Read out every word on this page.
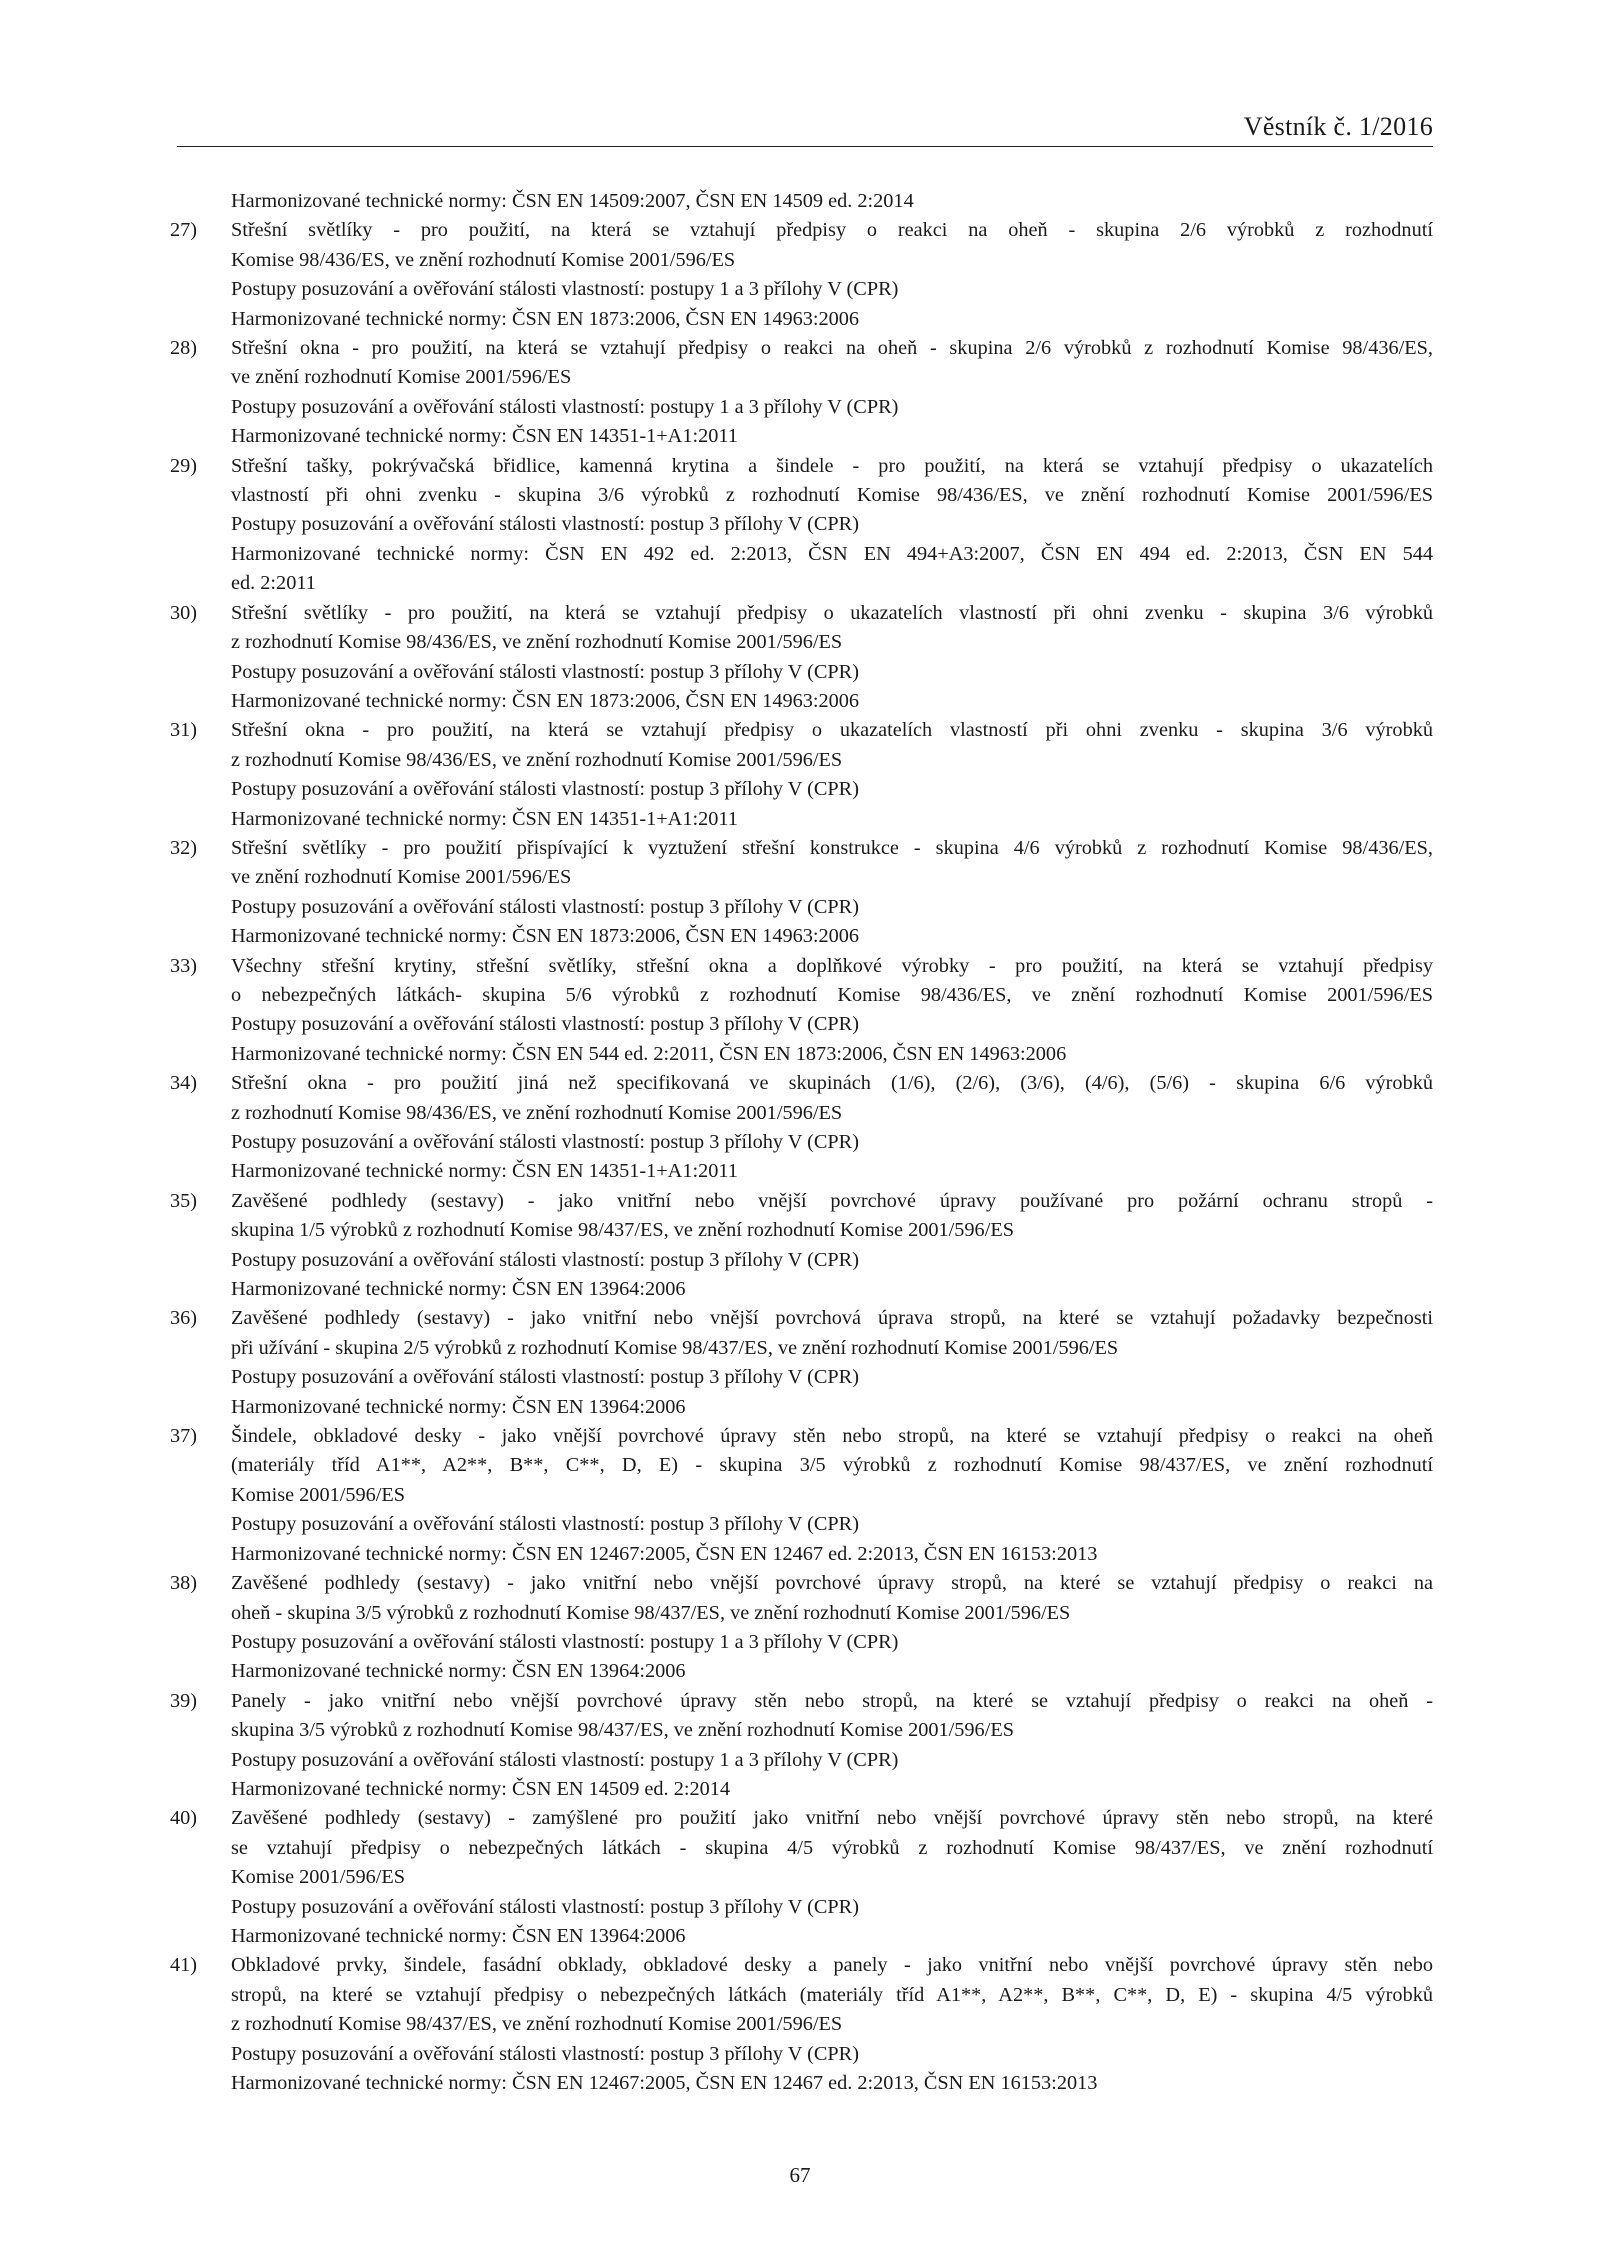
Věstník č. 1/2016
Harmonizované technické normy: ČSN EN 14509:2007, ČSN EN 14509 ed. 2:2014
27) Střešní světlíky - pro použití, na která se vztahují předpisy o reakci na oheň - skupina 2/6 výrobků z rozhodnutí
Komise 98/436/ES, ve znění rozhodnutí Komise 2001/596/ES
Postupy posuzování a ověřování stálosti vlastností: postupy 1 a 3 přílohy V (CPR)
Harmonizované technické normy: ČSN EN 1873:2006, ČSN EN 14963:2006
28) Střešní okna - pro použití, na která se vztahují předpisy o reakci na oheň - skupina 2/6 výrobků z rozhodnutí Komise 98/436/ES,
ve znění rozhodnutí Komise 2001/596/ES
Postupy posuzování a ověřování stálosti vlastností: postupy 1 a 3 přílohy V (CPR)
Harmonizované technické normy: ČSN EN 14351-1+A1:2011
29) Střešní tašky, pokrývačská břidlice, kamenná krytina a šindele - pro použití, na která se vztahují předpisy o ukazatelích
vlastností při ohni zvenku - skupina 3/6 výrobků z rozhodnutí Komise 98/436/ES, ve znění rozhodnutí Komise 2001/596/ES
Postupy posuzování a ověřování stálosti vlastností: postup 3 přílohy V (CPR)
Harmonizované technické normy: ČSN EN 492 ed. 2:2013, ČSN EN 494+A3:2007, ČSN EN 494 ed. 2:2013, ČSN EN 544
ed. 2:2011
30) Střešní světlíky - pro použití, na která se vztahují předpisy o ukazatelích vlastností při ohni zvenku - skupina 3/6 výrobků
z rozhodnutí Komise 98/436/ES, ve znění rozhodnutí Komise 2001/596/ES
Postupy posuzování a ověřování stálosti vlastností: postup 3 přílohy V (CPR)
Harmonizované technické normy: ČSN EN 1873:2006, ČSN EN 14963:2006
31) Střešní okna - pro použití, na která se vztahují předpisy o ukazatelích vlastností při ohni zvenku - skupina 3/6 výrobků
z rozhodnutí Komise 98/436/ES, ve znění rozhodnutí Komise 2001/596/ES
Postupy posuzování a ověřování stálosti vlastností: postup 3 přílohy V (CPR)
Harmonizované technické normy: ČSN EN 14351-1+A1:2011
32) Střešní světlíky - pro použití přispívající k vyztužení střešní konstrukce - skupina 4/6 výrobků z rozhodnutí Komise 98/436/ES,
ve znění rozhodnutí Komise 2001/596/ES
Postupy posuzování a ověřování stálosti vlastností: postup 3 přílohy V (CPR)
Harmonizované technické normy: ČSN EN 1873:2006, ČSN EN 14963:2006
33) Všechny střešní krytiny, střešní světlíky, střešní okna a doplňkové výrobky - pro použití, na která se vztahují předpisy
o nebezpečných látkách- skupina 5/6 výrobků z rozhodnutí Komise 98/436/ES, ve znění rozhodnutí Komise 2001/596/ES
Postupy posuzování a ověřování stálosti vlastností: postup 3 přílohy V (CPR)
Harmonizované technické normy: ČSN EN 544 ed. 2:2011, ČSN EN 1873:2006, ČSN EN 14963:2006
34) Střešní okna - pro použití jiná než specifikovaná ve skupinách (1/6), (2/6), (3/6), (4/6), (5/6) - skupina 6/6 výrobků
z rozhodnutí Komise 98/436/ES, ve znění rozhodnutí Komise 2001/596/ES
Postupy posuzování a ověřování stálosti vlastností: postup 3 přílohy V (CPR)
Harmonizované technické normy: ČSN EN 14351-1+A1:2011
35) Zavěšené podhledy (sestavy) - jako vnitřní nebo vnější povrchové úpravy používané pro požární ochranu stropů -
skupina 1/5 výrobků z rozhodnutí Komise 98/437/ES, ve znění rozhodnutí Komise 2001/596/ES
Postupy posuzování a ověřování stálosti vlastností: postup 3 přílohy V (CPR)
Harmonizované technické normy: ČSN EN 13964:2006
36) Zavěšené podhledy (sestavy) - jako vnitřní nebo vnější povrchová úprava stropů, na které se vztahují požadavky bezpečnosti
při užívání - skupina 2/5 výrobků z rozhodnutí Komise 98/437/ES, ve znění rozhodnutí Komise 2001/596/ES
Postupy posuzování a ověřování stálosti vlastností: postup 3 přílohy V (CPR)
Harmonizované technické normy: ČSN EN 13964:2006
37) Šindele, obkladové desky - jako vnější povrchové úpravy stěn nebo stropů, na které se vztahují předpisy o reakci na oheň
(materiály tříd A1**, A2**, B**, C**, D, E) - skupina 3/5 výrobků z rozhodnutí Komise 98/437/ES, ve znění rozhodnutí
Komise 2001/596/ES
Postupy posuzování a ověřování stálosti vlastností: postup 3 přílohy V (CPR)
Harmonizované technické normy: ČSN EN 12467:2005, ČSN EN 12467 ed. 2:2013, ČSN EN 16153:2013
38) Zavěšené podhledy (sestavy) - jako vnitřní nebo vnější povrchové úpravy stropů, na které se vztahují předpisy o reakci na
oheň - skupina 3/5 výrobků z rozhodnutí Komise 98/437/ES, ve znění rozhodnutí Komise 2001/596/ES
Postupy posuzování a ověřování stálosti vlastností: postupy 1 a 3 přílohy V (CPR)
Harmonizované technické normy: ČSN EN 13964:2006
39) Panely - jako vnitřní nebo vnější povrchové úpravy stěn nebo stropů, na které se vztahují předpisy o reakci na oheň -
skupina 3/5 výrobků z rozhodnutí Komise 98/437/ES, ve znění rozhodnutí Komise 2001/596/ES
Postupy posuzování a ověřování stálosti vlastností: postupy 1 a 3 přílohy V (CPR)
Harmonizované technické normy: ČSN EN 14509 ed. 2:2014
40) Zavěšené podhledy (sestavy) - zamýšlené pro použití jako vnitřní nebo vnější povrchové úpravy stěn nebo stropů, na které
se vztahují předpisy o nebezpečných látkách - skupina 4/5 výrobků z rozhodnutí Komise 98/437/ES, ve znění rozhodnutí
Komise 2001/596/ES
Postupy posuzování a ověřování stálosti vlastností: postup 3 přílohy V (CPR)
Harmonizované technické normy: ČSN EN 13964:2006
41) Obkladové prvky, šindele, fasádní obklady, obkladové desky a panely - jako vnitřní nebo vnější povrchové úpravy stěn nebo
stropů, na které se vztahují předpisy o nebezpečných látkách (materiály tříd A1**, A2**, B**, C**, D, E) - skupina 4/5 výrobků
z rozhodnutí Komise 98/437/ES, ve znění rozhodnutí Komise 2001/596/ES
Postupy posuzování a ověřování stálosti vlastností: postup 3 přílohy V (CPR)
Harmonizované technické normy: ČSN EN 12467:2005, ČSN EN 12467 ed. 2:2013, ČSN EN 16153:2013
67
